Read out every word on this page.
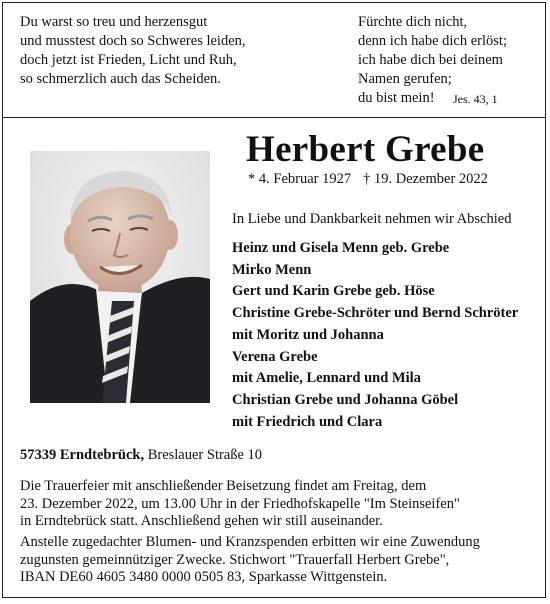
Du warst so treu und herzensgut
und musstest doch so Schweres leiden,
doch jetzt ist Frieden, Licht und Ruh,
so schmerzlich auch das Scheiden.
Fürchte dich nicht,
denn ich habe dich erlöst;
ich habe dich bei deinem
Namen gerufen;
du bist mein!	Jes. 43, 1
Herbert Grebe
* 4. Februar 1927 † 19. Dezember 2022
In Liebe und Dankbarkeit nehmen wir Abschied
Heinz und Gisela Menn geb. Grebe
Mirko Menn
Gert und Karin Grebe geb. Höse
Christine Grebe-Schröter und Bernd Schröter
mit Moritz und Johanna
Verena Grebe
mit Amelie, Lennard und Mila
Christian Grebe und Johanna Göbel
mit Friedrich und Clara
57339 Erndtebrück, Breslauer Straße 10

Die Trauerfeier mit anschließender Beisetzung findet am Freitag, dem
23. Dezember 2022, um 13.00 Uhr in der Friedhofskapelle "Im Steinseifen"
in Erndtebrück statt. Anschließend gehen wir still auseinander.

Anstelle zugedachter Blumen- und Kranzspenden erbitten wir eine Zuwendung
zugunsten gemeinnütziger Zwecke. Stichwort "Trauerfall Herbert Grebe",
IBAN DE60 4605 3480 0000 0505 83, Sparkasse Wittgenstein.
